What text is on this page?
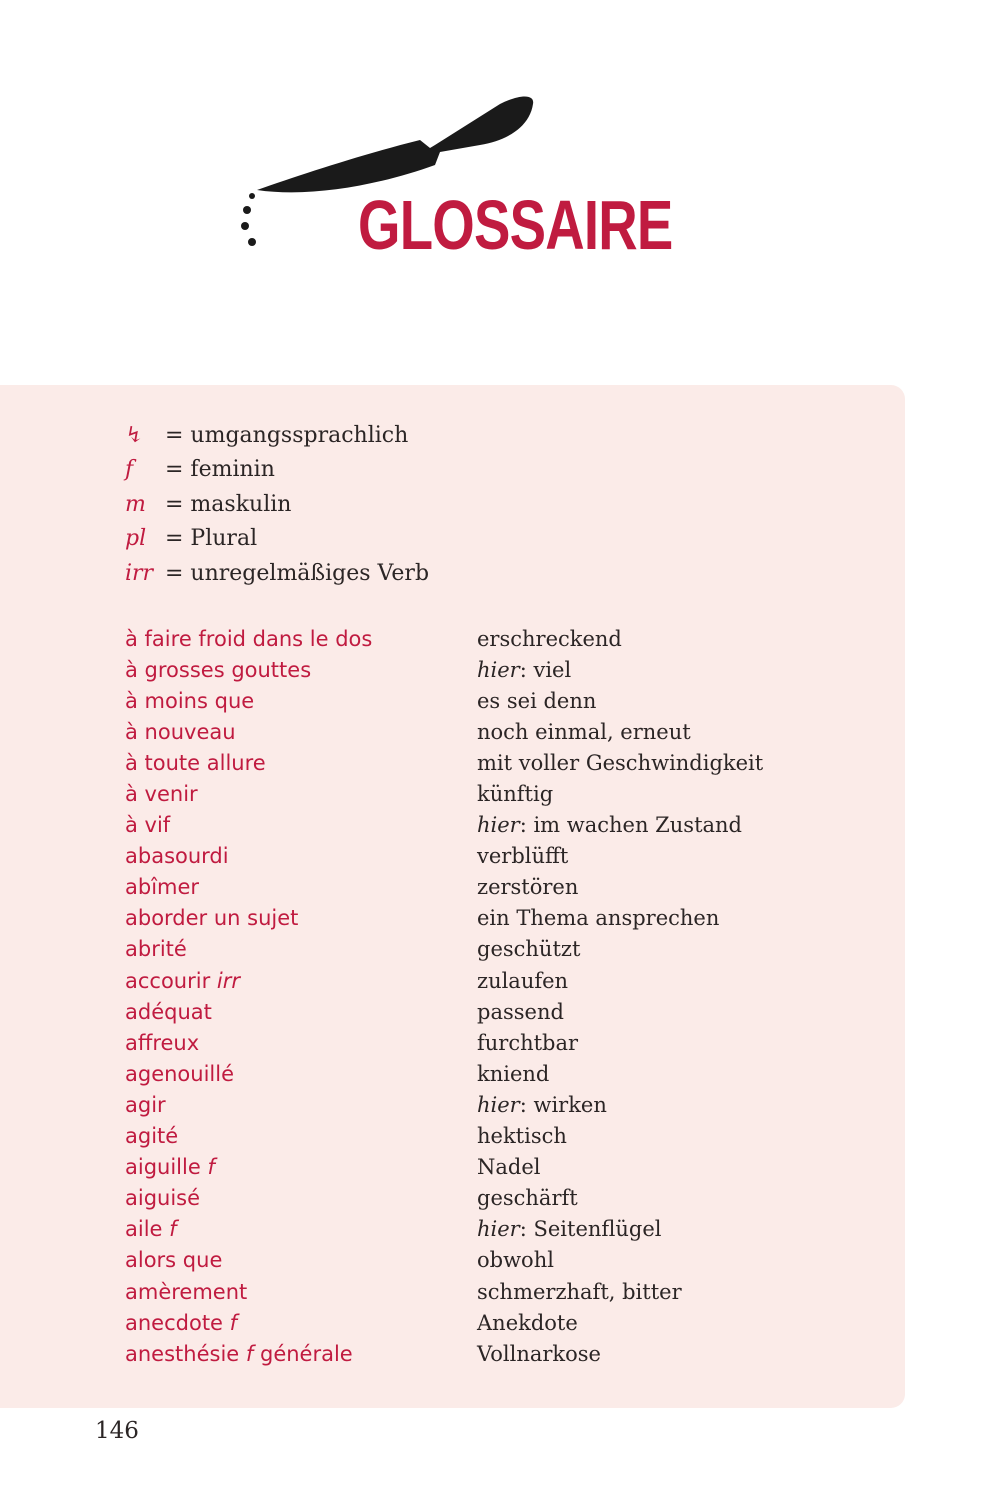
GLOSSAIRE
↯ = umgangssprachlich
f	= feminin
m = maskulin
pl = Plural
irr = unregelmäßiges Verb
à faire froid dans le dos	erschreckend
à grosses gouttes	hier: viel
à moins que	es sei denn
à nouveau	noch einmal, erneut
à toute allure	mit voller Geschwindigkeit
à venir	künftig
à vif	hier: im wachen Zustand
abasourdi	verblüfft
abîmer	zerstören
aborder un sujet	ein Thema ansprechen
abrité	geschützt
accourir irr	zulaufen
adéquat	passend
affreux	furchtbar
agenouillé	kniend
agir	hier: wirken
agité	hektisch
aiguille f	Nadel
aiguisé	geschärft
aile f	hier: Seitenflügel
alors que	obwohl
amèrement	schmerzhaft, bitter
anecdote f	Anekdote
anesthésie f générale	Vollnarkose
146
